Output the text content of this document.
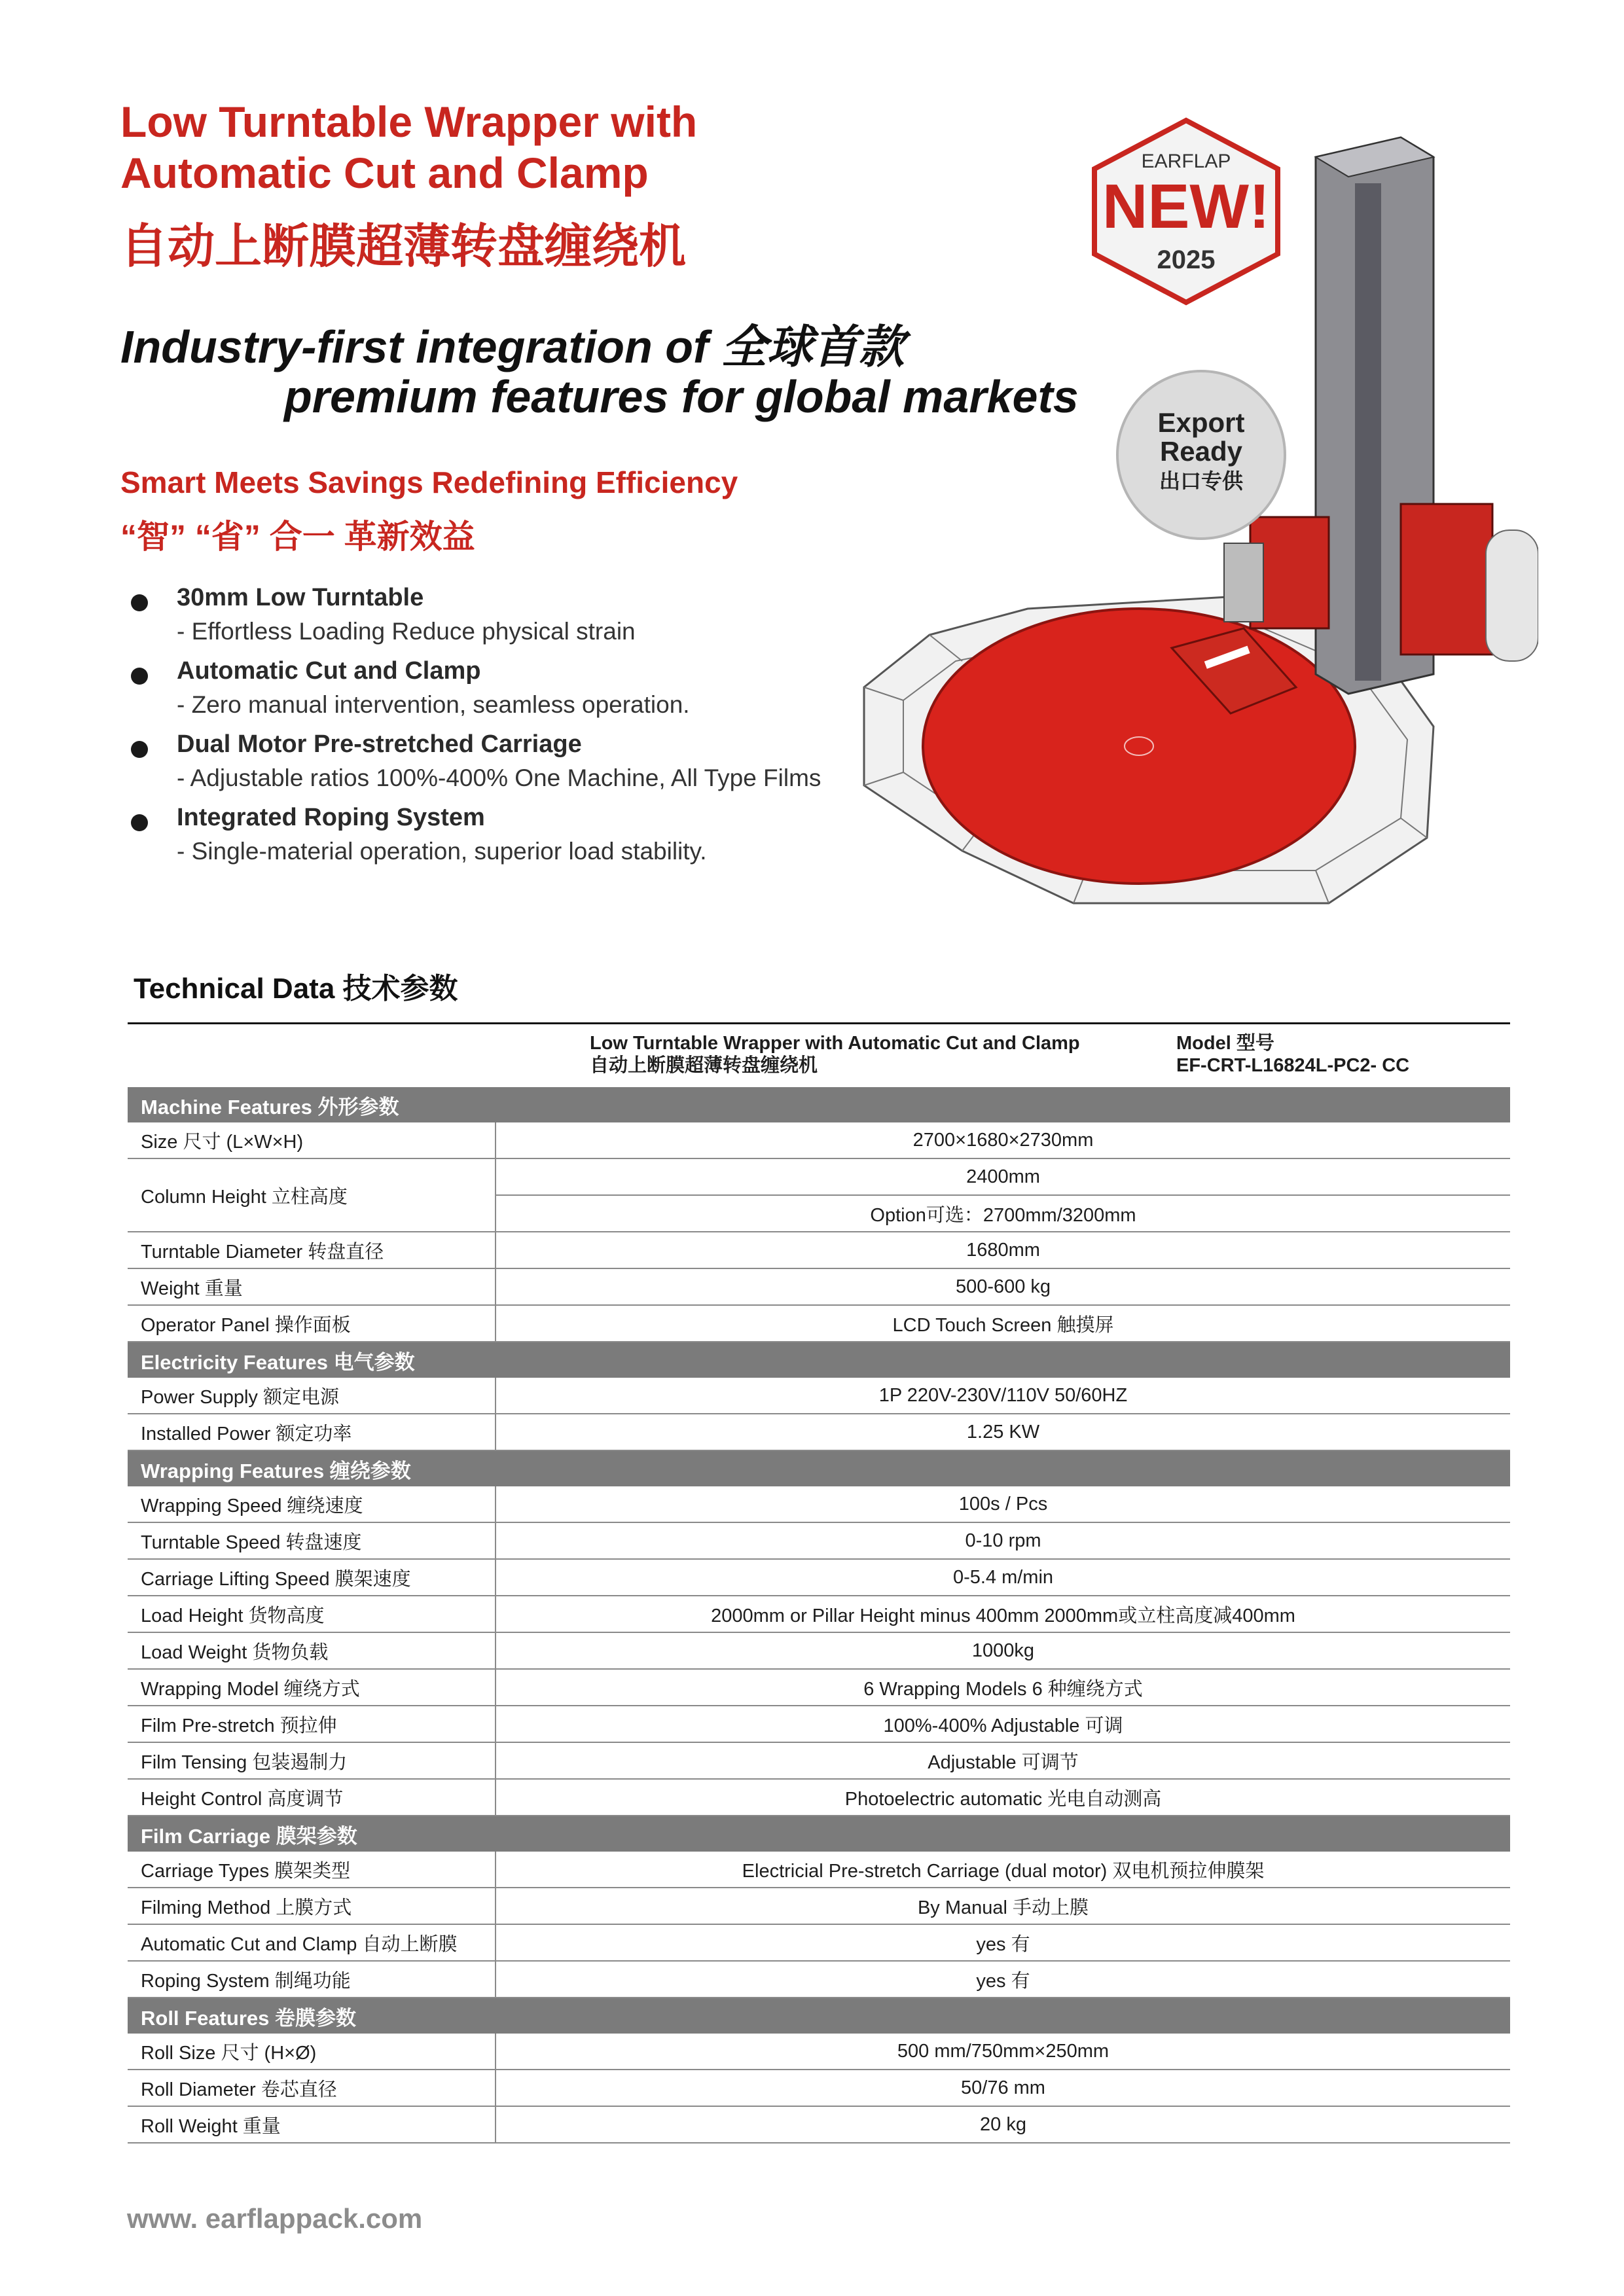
Low Turntable Wrapper with
Automatic Cut and Clamp
自动上断膜超薄转盘缠绕机
Industry-first integration of 全球首款
premium features for global markets
Smart Meets Savings Redefining Efficiency
“智” “省” 合一 革新效益
30mm Low Turntable
- Effortless Loading Reduce physical strain
Automatic Cut and Clamp
- Zero manual intervention, seamless operation.
Dual Motor Pre-stretched Carriage
- Adjustable ratios 100%-400% One Machine, All Type Films
Integrated Roping System
- Single-material operation, superior load stability.
EARFLAP
NEW!
2025
Export
Ready
出口专供
Technical Data 技术参数

	Low Turntable Wrapper with Automatic Cut and Clamp
自动上断膜超薄转盘缠绕机
Model 型号
EF-CRT-L16824L-PC2- CC

Machine Features 外形参数	
Size 尺寸 (L×W×H)	2700×1680×2730mm
Column Height 立柱高度	2400mm
	Option可选：2700mm/3200mm
Turntable Diameter 转盘直径	1680mm
Weight 重量	500-600 kg
Operator Panel 操作面板	LCD Touch Screen 触摸屏
Electricity Features 电气参数	
Power Supply 额定电源	1P 220V-230V/110V 50/60HZ
Installed Power 额定功率	1.25 KW
Wrapping Features 缠绕参数	
Wrapping Speed 缠绕速度	100s / Pcs
Turntable Speed 转盘速度	0-10 rpm
Carriage Lifting Speed 膜架速度	0-5.4 m/min
Load Height 货物高度	2000mm or Pillar Height minus 400mm 2000mm或立柱高度减400mm
Load Weight 货物负载	1000kg
Wrapping Model 缠绕方式	6 Wrapping Models 6 种缠绕方式
Film Pre-stretch 预拉伸	100%-400% Adjustable 可调
Film Tensing 包装遏制力	Adjustable 可调节
Height Control 高度调节	Photoelectric automatic 光电自动测高
Film Carriage 膜架参数	
Carriage Types 膜架类型	Electricial Pre-stretch Carriage (dual motor) 双电机预拉伸膜架
Filming Method 上膜方式	By Manual 手动上膜
Automatic Cut and Clamp 自动上断膜	yes 有
Roping System 制绳功能	yes 有
Roll Features 卷膜参数	
Roll Size 尺寸 (H×Ø)	500 mm/750mm×250mm
Roll Diameter 卷芯直径	50/76 mm
Roll Weight 重量	20 kg
www. earflappack.com
